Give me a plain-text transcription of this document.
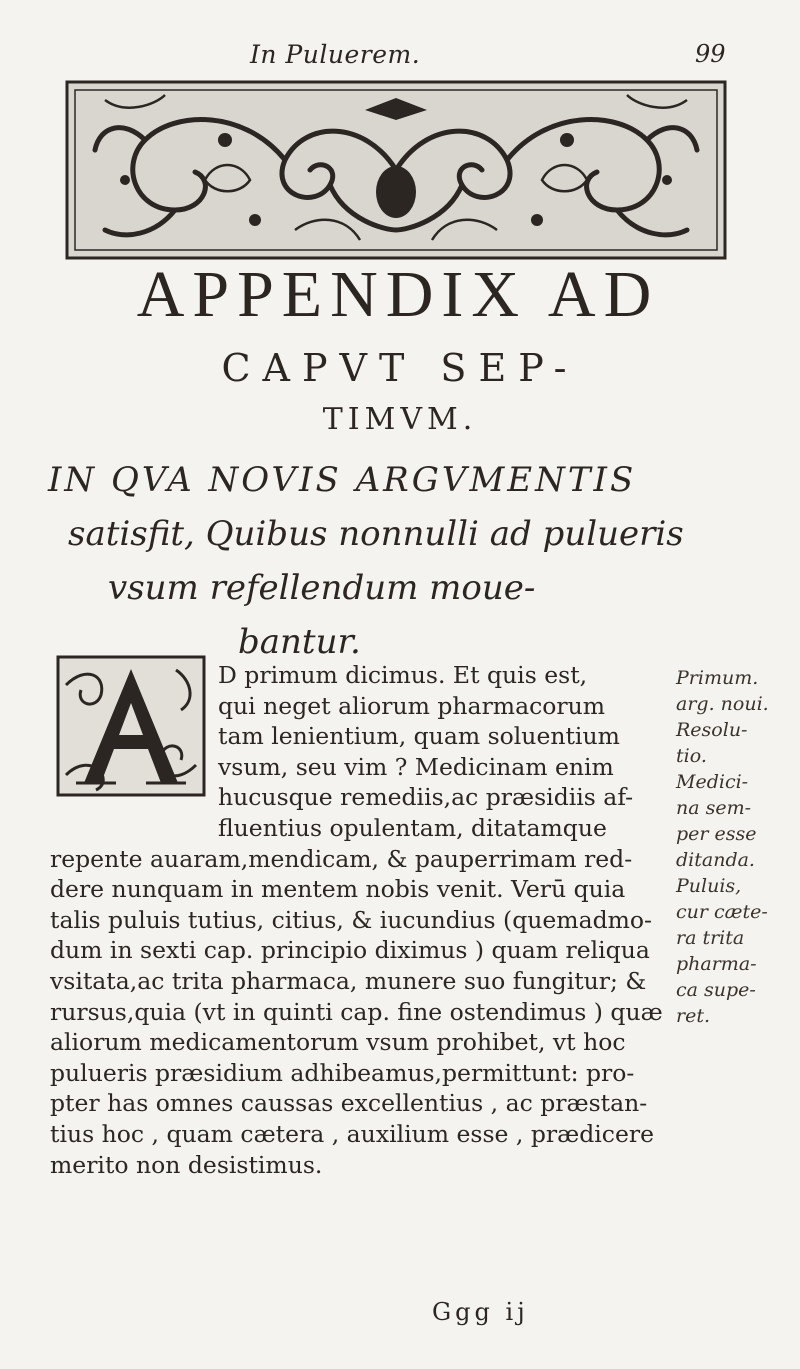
In Puluerem.	99
APPENDIX AD
CAPVT SEP-
TIMVM.
IN QVA NOVIS ARGVMENTIS
satisfit, Quibus nonnulli ad pulueris
vsum refellendum moue-
bantur.
D primum dicimus. Et quis est,
qui neget aliorum pharmacorum
tam lenientium, quam soluentium
vsum, seu vim ? Medicinam enim
hucusque remediis,ac præsidiis af-
fluentius opulentam, ditatamque
repente auaram,mendicam, & pauperrimam red-
dere nunquam in mentem nobis venit. Verū quia
talis puluis tutius, citius, & iucundius (quemadmo-
dum in sexti cap. principio diximus ) quam reliqua
vsitata,ac trita pharmaca, munere suo fungitur; &
rursus,quia (vt in quinti cap. fine ostendimus ) quæ
aliorum medicamentorum vsum prohibet, vt hoc
pulueris præsidium adhibeamus,permittunt: pro-
pter has omnes caussas excellentius , ac præstan-
tius hoc , quam cætera , auxilium esse , prædicere
merito non desistimus.
Primum.
arg. noui.
Resolu-
tio.
Medici-
na sem-
per esse
ditanda.
Puluis,
cur cæte-
ra trita
pharma-
ca supe-
ret.
Ggg ij
